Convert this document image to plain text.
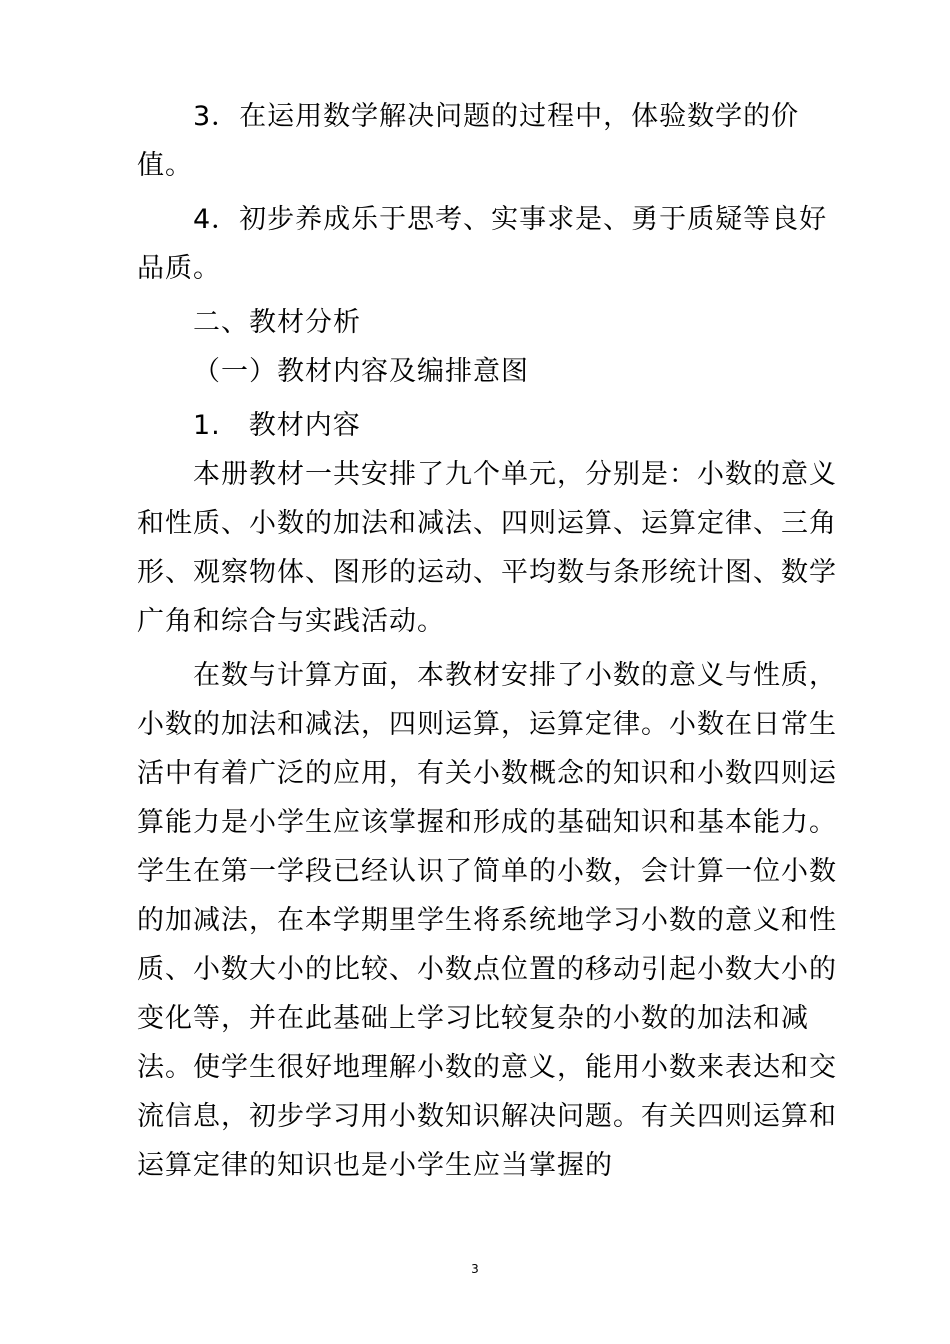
3．在运用数学解决问题的过程中，体验数学的价值。

4．初步养成乐于思考、实事求是、勇于质疑等良好品质。

二、教材分析

（一）教材内容及编排意图

1.　教材内容

本册教材一共安排了九个单元，分别是：小数的意义和性质、小数的加法和减法、四则运算、运算定律、三角形、观察物体、图形的运动、平均数与条形统计图、数学广角和综合与实践活动。

在数与计算方面，本教材安排了小数的意义与性质，小数的加法和减法，四则运算，运算定律。小数在日常生活中有着广泛的应用，有关小数概念的知识和小数四则运算能力是小学生应该掌握和形成的基础知识和基本能力。学生在第一学段已经认识了简单的小数，会计算一位小数的加减法，在本学期里学生将系统地学习小数的意义和性质、小数大小的比较、小数点位置的移动引起小数大小的变化等，并在此基础上学习比较复杂的小数的加法和减法。使学生很好地理解小数的意义，能用小数来表达和交流信息，初步学习用小数知识解决问题。有关四则运算和运算定律的知识也是小学生应当掌握的

3
